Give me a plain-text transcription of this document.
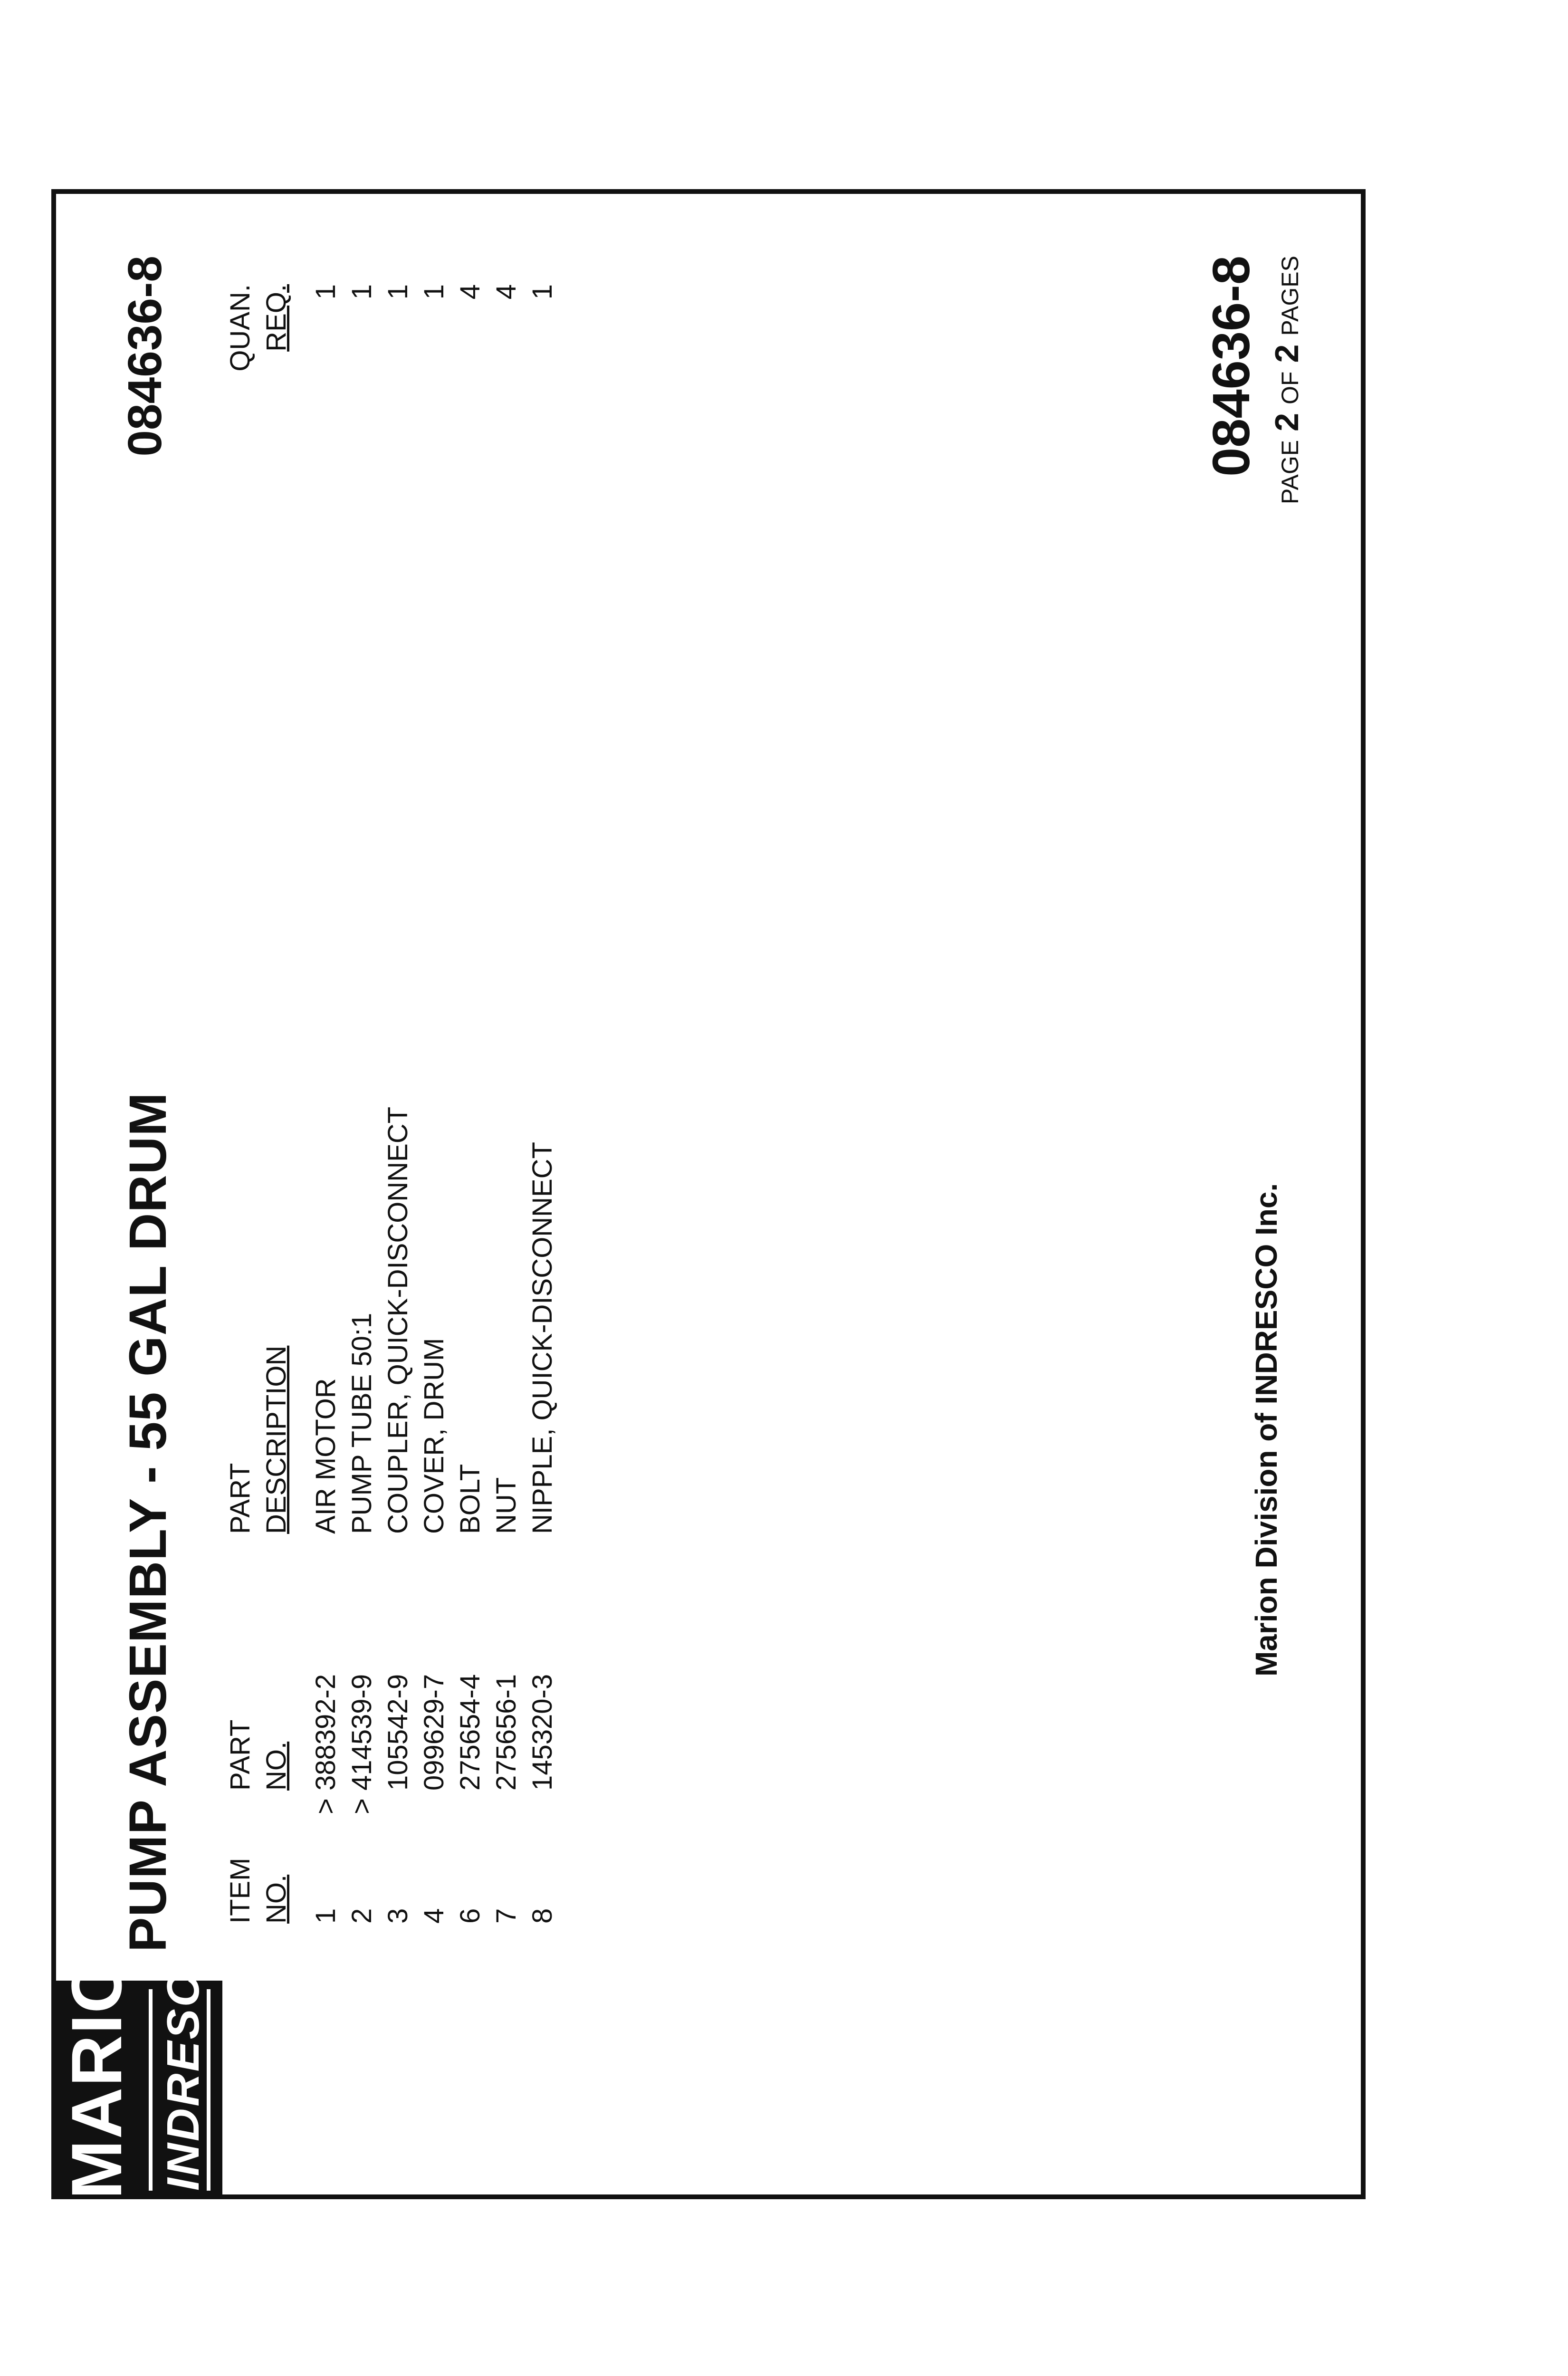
MARION INDRESCO
PUMP ASSEMBLY - 55 GAL DRUM
084636-8
ITEM NO.
PART NO.
PART DESCRIPTION
QUAN. REQ.
1
>
388392-2
AIR MOTOR
1
2
>
414539-9
PUMP TUBE 50:1
1
3
105542-9
COUPLER, QUICK-DISCONNECT
1
4
099629-7
COVER, DRUM
1
6
275654-4
BOLT
4
7
275656-1
NUT
4
8
145320-3
NIPPLE, QUICK-DISCONNECT
1
Marion Division of INDRESCO Inc.
084636-8 PAGE2OF2PAGES
